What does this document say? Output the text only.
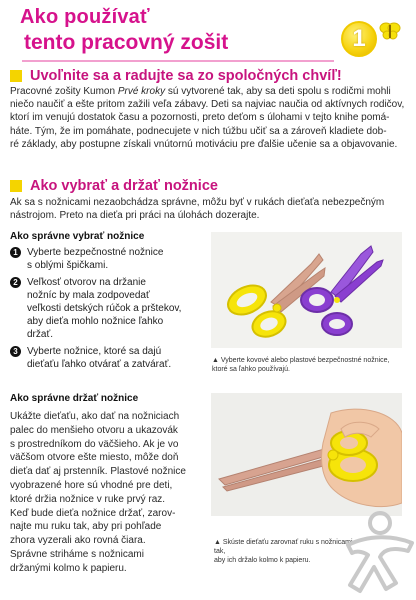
Ako používať
tento pracovný zošit	1
Uvoľnite sa a radujte sa zo spoločných chvíľ!
Pracovné zošity Kumon Prvé kroky sú vytvorené tak, aby sa deti spolu s rodičmi mohli
niečo naučiť a ešte pritom zažili veľa zábavy. Deti sa najviac naučia od aktívnych rodičov,
ktorí im venujú dostatok času a pozornosti, preto deťom s úlohami v tejto knihe pomá-
háte. Tým, že im pomáhate, podnecujete v nich túžbu učiť sa a zároveň kladiete dob-
ré základy, aby postupne získali vnútornú motiváciu pre ďalšie učenie sa a objavovanie.
Ako vybrať a držať nožnice
Ak sa s nožnicami nezaobchádza správne, môžu byť v rukách dieťaťa nebezpečným
nástrojom. Preto na dieťa pri práci na úlohách dozerajte.
Ako správne vybrať nožnice
1 Vyberte bezpečnostné nožnice
s oblými špičkami.
2 Veľkosť otvorov na držanie
nožníc by mala zodpovedať
veľkosti detských rúčok a prštekov,
aby dieťa mohlo nožnice ľahko
držať.
3 Vyberte nožnice, ktoré sa dajú
dieťaťu ľahko otvárať a zatvárať.	▲ Vyberte kovové alebo plastové bezpečnostné nožnice,
ktoré sa ľahko používajú.
Ako správne držať nožnice
Ukážte dieťaťu, ako dať na nožniciach
palec do menšieho otvoru a ukazovák
s prostredníkom do väčšieho. Ak je vo
väčšom otvore ešte miesto, môže doň
dieťa dať aj prstenník. Plastové nožnice
vyobrazené hore sú vhodné pre deti,
ktoré držia nožnice v ruke prvý raz.
Keď bude dieťa nožnice držať, zarov-
najte mu ruku tak, aby pri pohľade
zhora vyzerali ako rovná čiara.
Správne strihá​me s nožnicami
držanými kolmo k papieru.
▲ Skúste dieťaťu zarovnať ruku s nožnicami tak,
aby ich držalo kolmo k papieru.
